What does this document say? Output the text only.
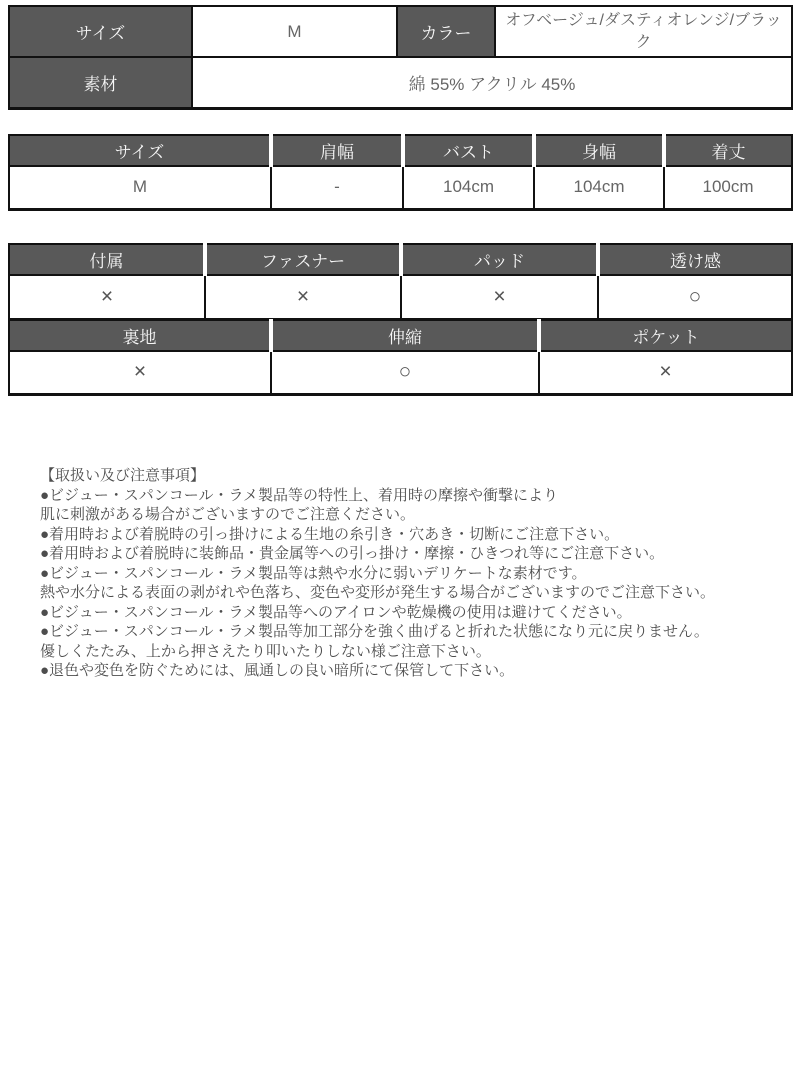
サイズ	M	カラー	オフベージュ/ダスティオレンジ/ブラック
素材	綿 55% アクリル 45%		
サイズ	肩幅	バスト	身幅	着丈
M	-	104cm	104cm	100cm
付属	ファスナー	パッド	透け感
×	×	×	○
裏地	伸縮	ポケット
×	○	×
【取扱い及び注意事項】
●ビジュー・スパンコール・ラメ製品等の特性上、着用時の摩擦や衝撃により
肌に刺激がある場合がございますのでご注意ください。
●着用時および着脱時の引っ掛けによる生地の糸引き・穴あき・切断にご注意下さい。
●着用時および着脱時に装飾品・貴金属等への引っ掛け・摩擦・ひきつれ等にご注意下さい。
●ビジュー・スパンコール・ラメ製品等は熱や水分に弱いデリケートな素材です。
熱や水分による表面の剥がれや色落ち、変色や変形が発生する場合がございますのでご注意下さい。
●ビジュー・スパンコール・ラメ製品等へのアイロンや乾燥機の使用は避けてください。
●ビジュー・スパンコール・ラメ製品等加工部分を強く曲げると折れた状態になり元に戻りません。
優しくたたみ、上から押さえたり叩いたりしない様ご注意下さい。
●退色や変色を防ぐためには、風通しの良い暗所にて保管して下さい。
